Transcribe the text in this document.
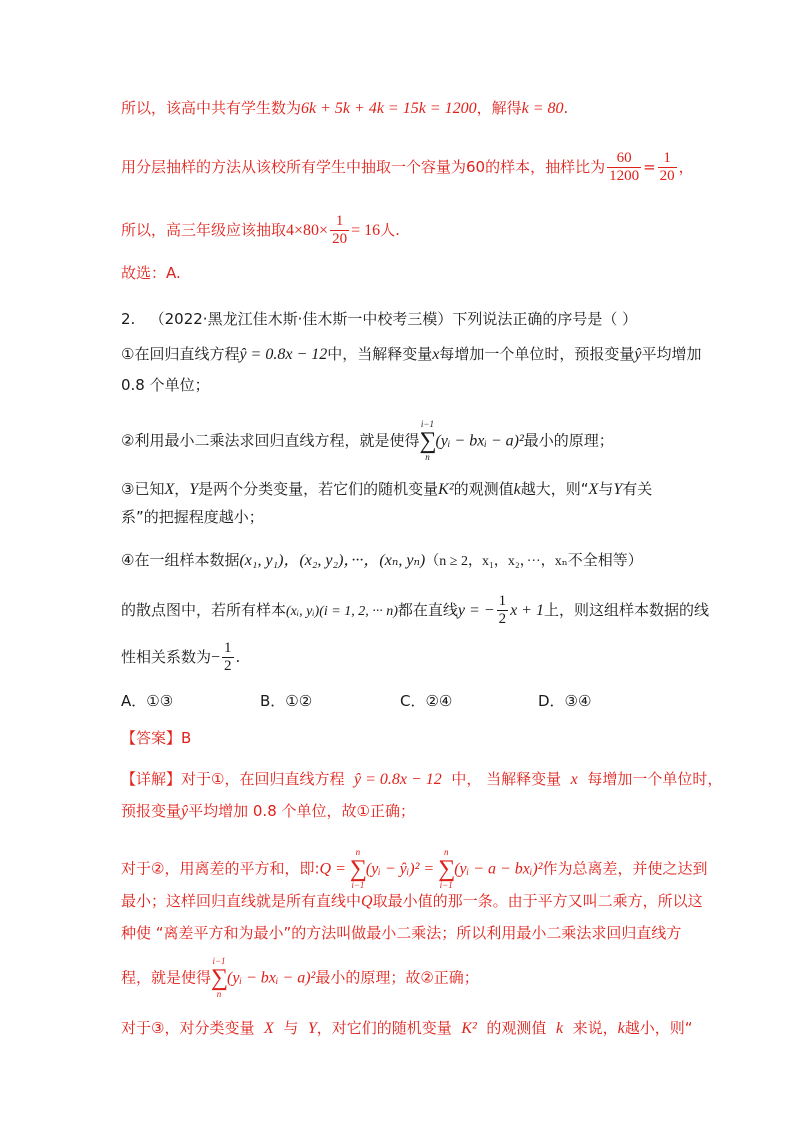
所以，该高中共有学生数为6k + 5k + 4k = 15k = 1200，解得k = 80.
用分层抽样的方法从该校所有学生中抽取一个容量为60的样本，抽样比为 $\frac{60}{1200} = \frac{1}{20}$ ，
所以，高三年级应该抽取$4\times 80\times \frac{1}{20} = 16$人.
故选：A.
2. （2022·黑龙江佳木斯·佳木斯一中校考三模）下列说法正确的序号是（ ）
①在回归直线方程ŷ = 0.8x − 12中，当解释变量x每增加一个单位时，预报变量ŷ平均增加
0.8 个单位；
②利用最小二乘法求回归直线方程，就是使得
i−1
∑
n
(yᵢ − bxᵢ − a)²最小的原理；
③已知X，Y是两个分类变量，若它们的随机变量K²的观测值k越大，则“X与Y有关
系”的把握程度越小；
④在一组样本数据(x₁, y₁)，(x₂, y₂)，···，(xₙ, yₙ)（n ≥ 2，x₁，x₂，···，xₙ不全相等）
的散点图中，若所有样本(xᵢ, yᵢ)(i = 1, 2, ··· n)都在直线y = − $\frac{1}{2}$ x + 1上，则这组样本数据的线
性相关系数为− $\frac{1}{2}$ .
A．①③	B．①②	C．②④	D．③④
【答案】B
【详解】对于①，在回归直线方程 ŷ = 0.8x − 12 中， 当解释变量 x 每增加一个单位时，
预报变量ŷ平均增加 0.8 个单位，故①正确；
对于②，用离差的平方和，即:Q =
n
∑
i−1
(yᵢ − ŷᵢ)² =
n
∑
i−1
(yᵢ − a − bxᵢ)²作为总离差，并使之达到
最小；这样回归直线就是所有直线中Q取最小值的那一条。由于平方又叫二乘方，所以这
种使 “离差平方和为最小”的方法叫做最小二乘法；所以利用最小二乘法求回归直线方
程，就是使得
i−1
∑
n
(yᵢ − bxᵢ − a)²最小的原理；故②正确；
对于③，对分类变量 X 与 Y，对它们的随机变量 K² 的观测值 k 来说，k越小，则“
